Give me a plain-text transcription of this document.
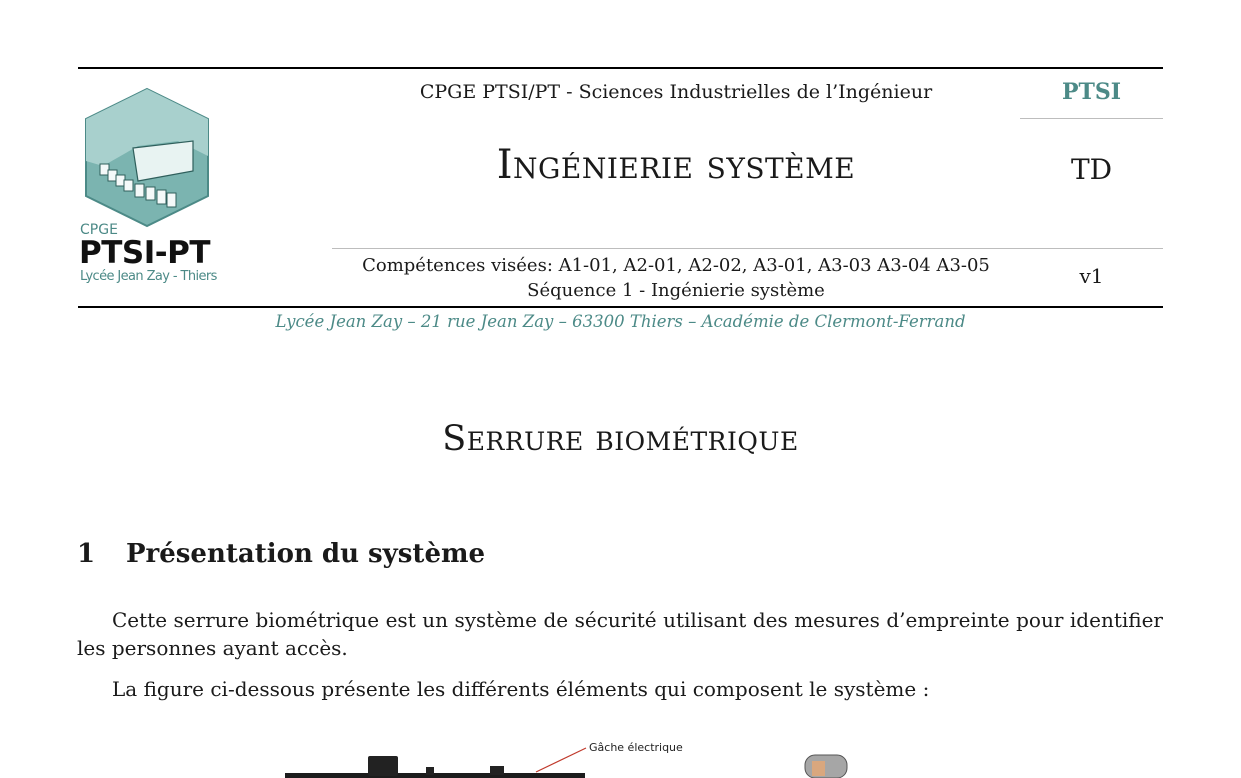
CPGE
PTSI-PT
Lycée Jean Zay - Thiers
CPGE PTSI/PT - Sciences Industrielles de l’Ingénieur	PTSI
Ingénierie système	TD
Compétences visées: A1-01, A2-01, A2-02, A3-01, A3-03 A3-04 A3-05
Séquence 1 - Ingénierie système
v1
Lycée Jean Zay – 21 rue Jean Zay – 63300 Thiers – Académie de Clermont-Ferrand
Serrure biométrique
1 Présentation du système
Cette serrure biométrique est un système de sécurité utilisant des mesures d’empreinte pour identifier les personnes ayant accès.
La figure ci-dessous présente les différents éléments qui composent le système :
Gâche électrique
